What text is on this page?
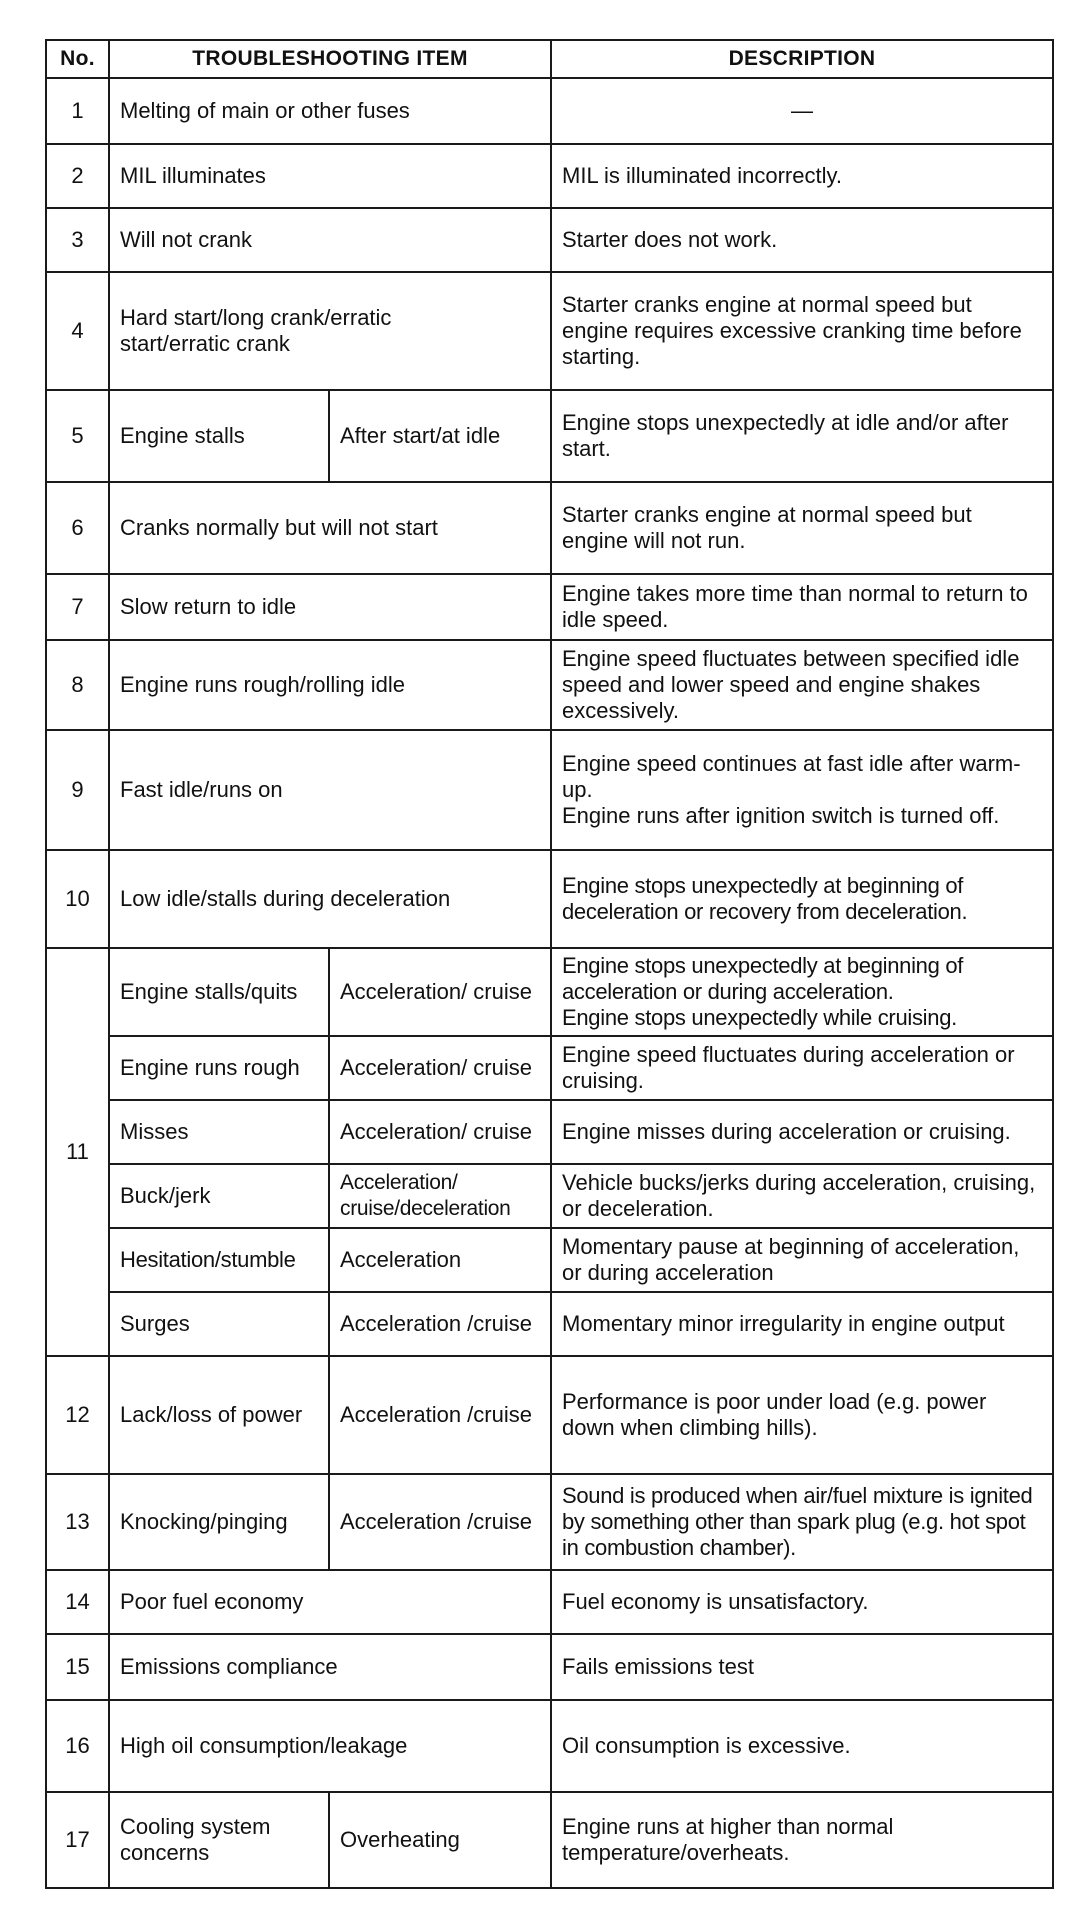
No.	TROUBLESHOOTING ITEM		DESCRIPTION
1	Melting of main or other fuses		—
2	MIL illuminates		MIL is illuminated incorrectly.
3	Will not crank		Starter does not work.
4	Hard start/long crank/erratic start/erratic crank		Starter cranks engine at normal speed but engine requires excessive cranking time before starting.
5	Engine stalls	After start/at idle	Engine stops unexpectedly at idle and/or after start.
6	Cranks normally but will not start		Starter cranks engine at normal speed but engine will not run.
7	Slow return to idle		Engine takes more time than normal to return to idle speed.
8	Engine runs rough/rolling idle		Engine speed fluctuates between specified idle speed and lower speed and engine shakes excessively.
9	Fast idle/runs on		Engine speed continues at fast idle after warm-up.
Engine runs after ignition switch is turned off.

10	Low idle/stalls during deceleration		Engine stops unexpectedly at beginning of deceleration or recovery from deceleration.
11	Engine stalls/quits	Acceleration/ cruise	Engine stops unexpectedly at beginning of acceleration or during acceleration.
Engine stops unexpectedly while cruising.

	Engine runs rough	Acceleration/ cruise	Engine speed fluctuates during acceleration or cruising.
	Misses	Acceleration/ cruise	Engine misses during acceleration or cruising.
	Buck/jerk	Acceleration/ cruise/deceleration	Vehicle bucks/jerks during acceleration, cruising, or deceleration.
	Hesitation/stumble	Acceleration	Momentary pause at beginning of acceleration, or during acceleration
	Surges	Acceleration /cruise	Momentary minor irregularity in engine output
12	Lack/loss of power	Acceleration /cruise	Performance is poor under load (e.g. power down when climbing hills).
13	Knocking/pinging	Acceleration /cruise	Sound is produced when air/fuel mixture is ignited by something other than spark plug (e.g. hot spot in combustion chamber).
14	Poor fuel economy		Fuel economy is unsatisfactory.
15	Emissions compliance		Fails emissions test
16	High oil consumption/leakage		Oil consumption is excessive.
17	Cooling system concerns	Overheating	Engine runs at higher than normal temperature/overheats.
